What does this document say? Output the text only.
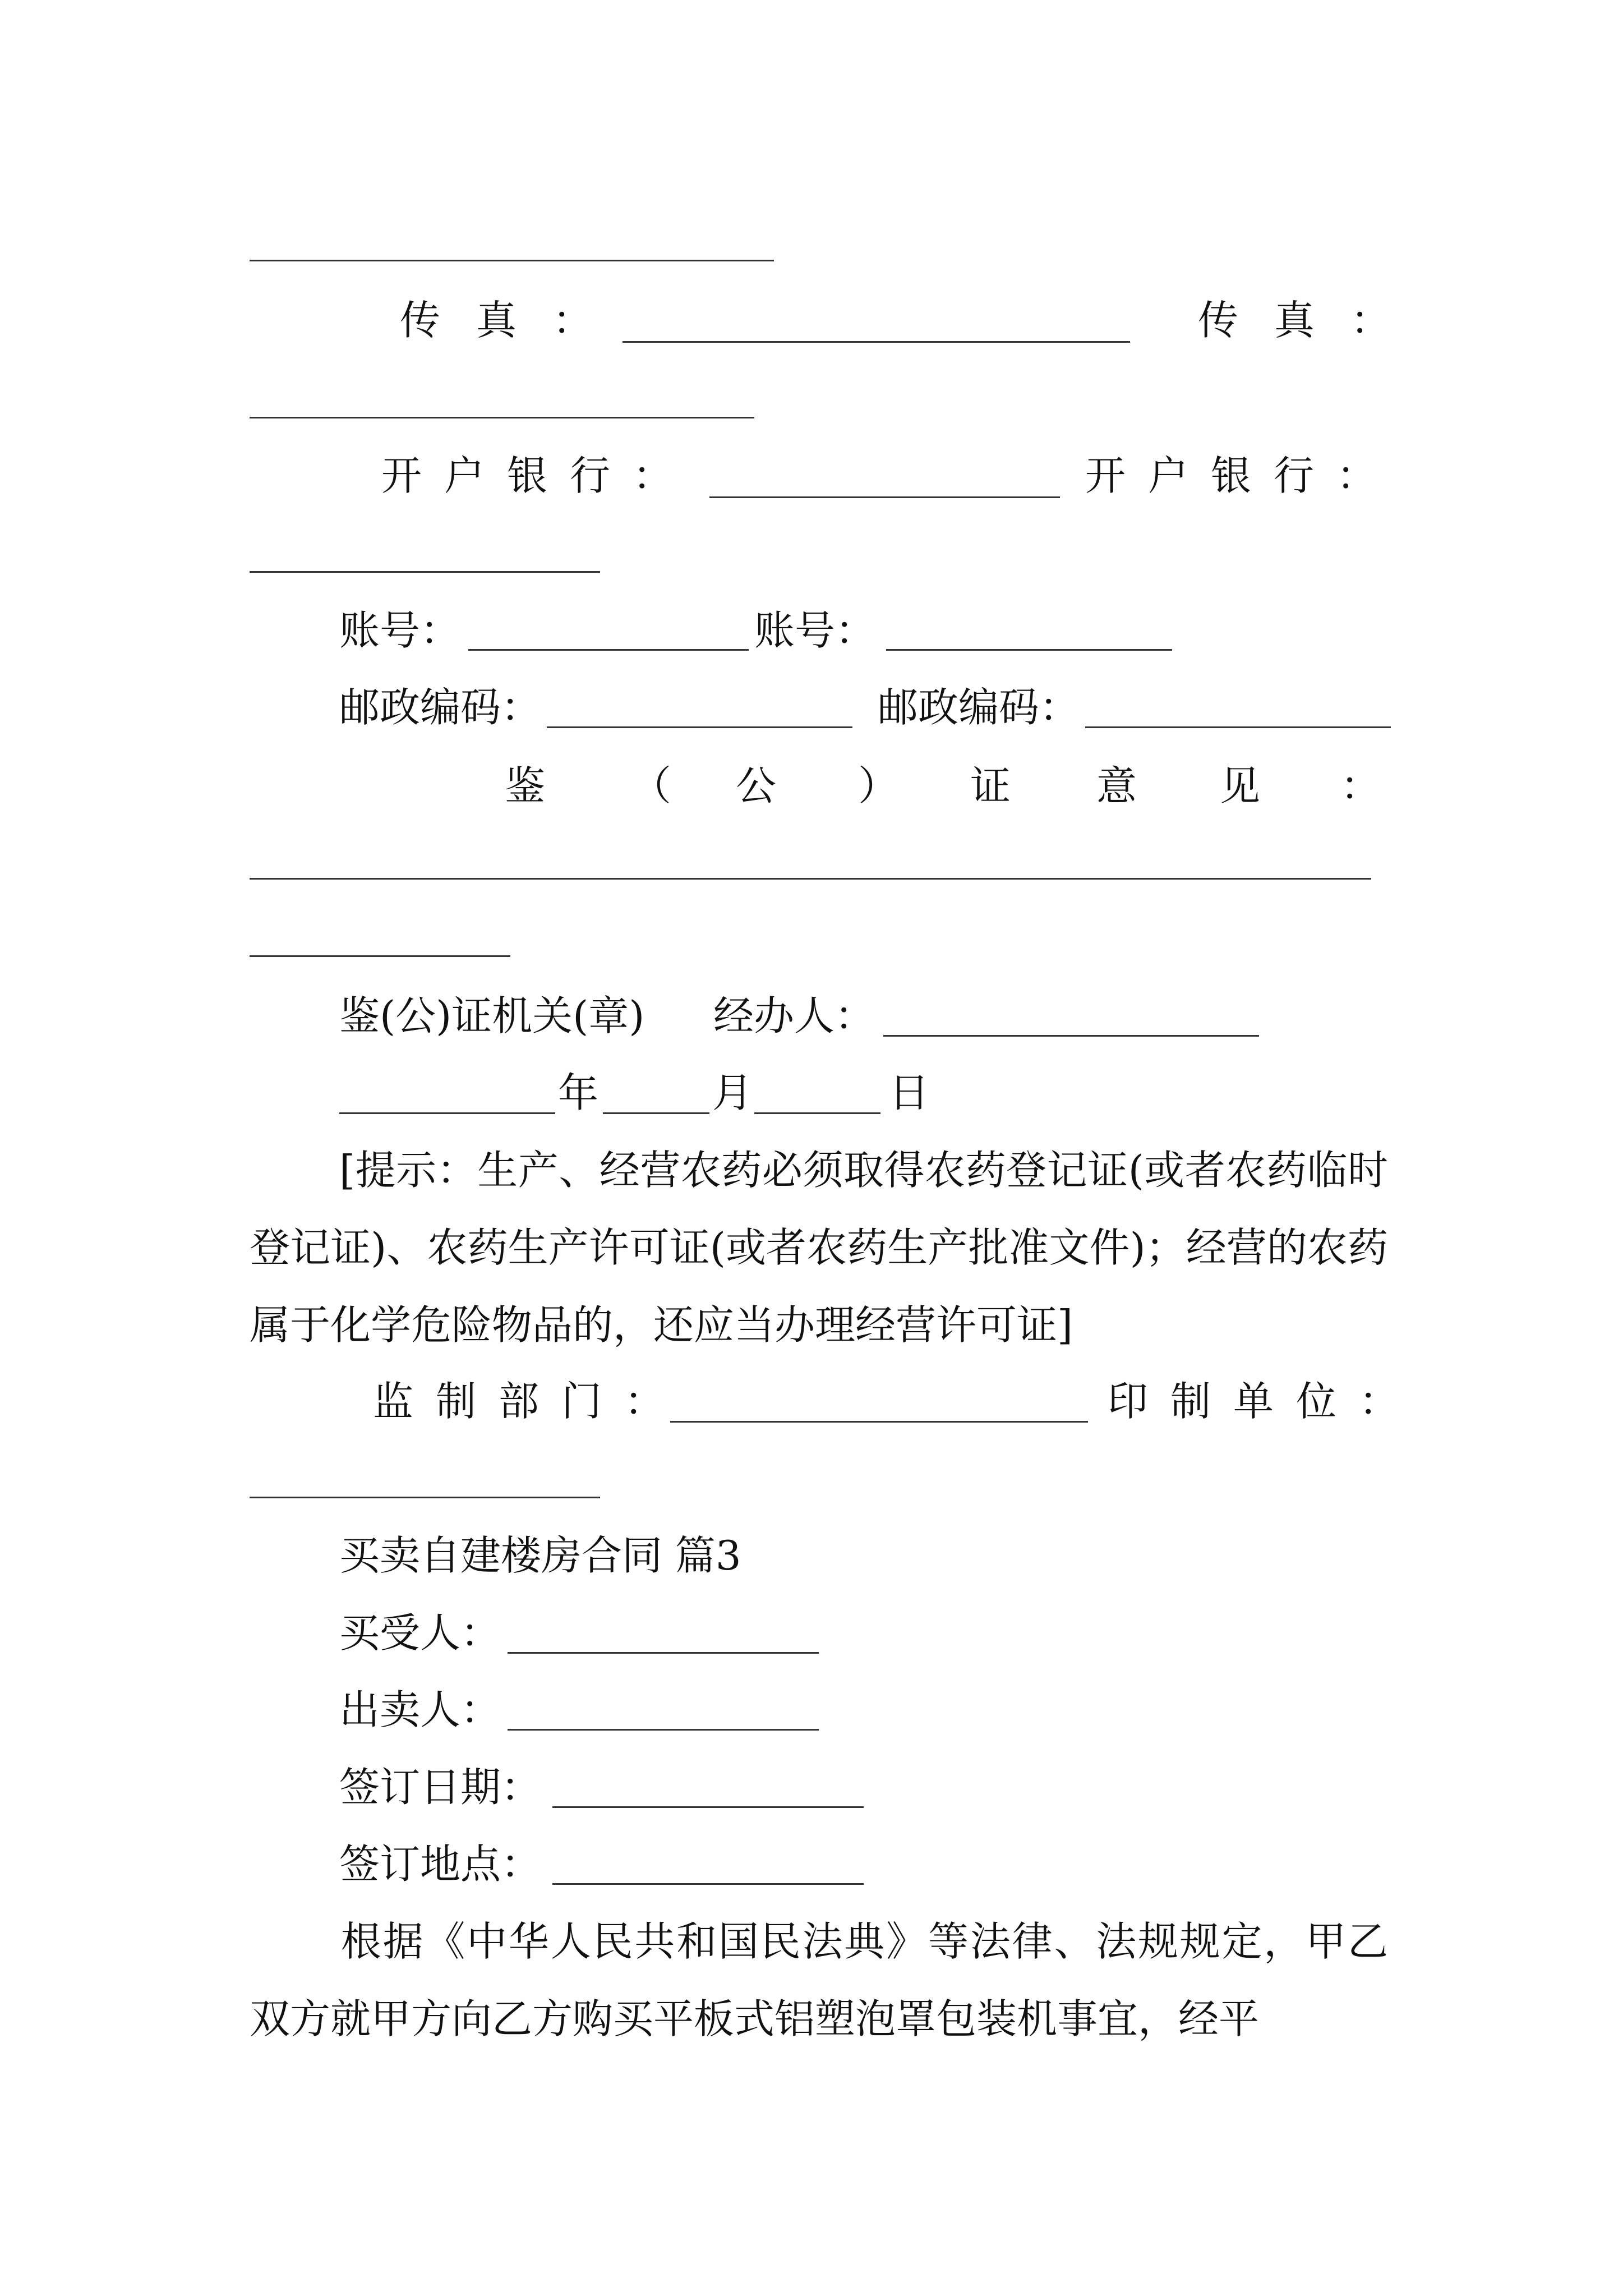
传真：	传真：
开户银行：	开户银行：
账号：	账号：
邮政编码：	邮政编码：
鉴 （ 公 ） 证 意 见 ：
鉴(公)证机关(章) 经办人：
年	月	日
[提示：生产、经营农药必须取得农药登记证(或者农药临时登记证)、农药生产许可证(或者农药生产批准文件)；经营的农药属于化学危险物品的，还应当办理经营许可证]
监制部门：	印制单位：
买卖自建楼房合同 篇3
买受人：
出卖人：
签订日期：
签订地点：
根据《中华人民共和国民法典》等法律、法规规定，甲乙双方就甲方向乙方购买平板式铝塑泡罩包装机事宜，经平
